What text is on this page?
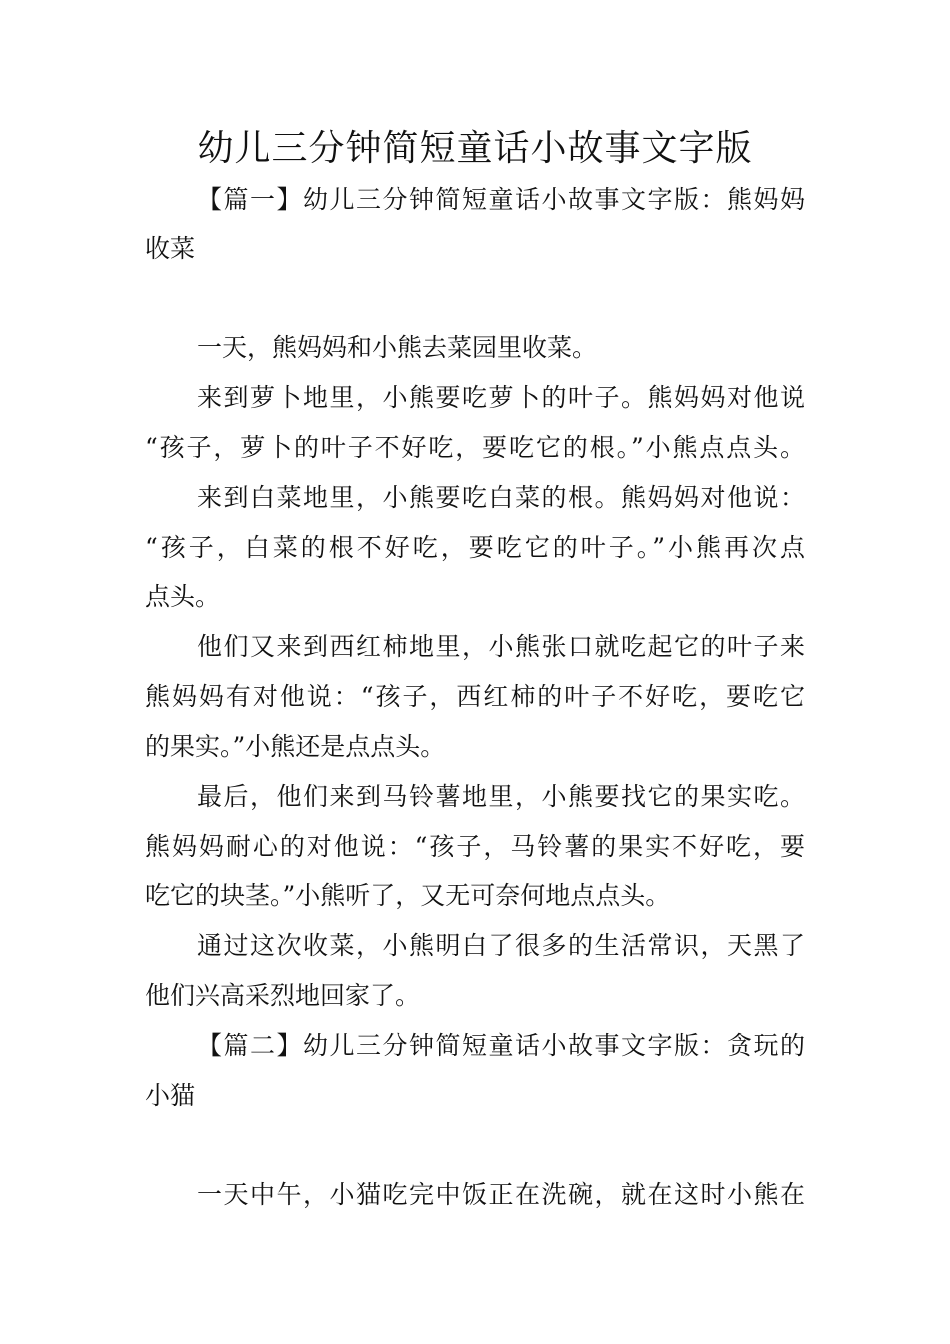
幼儿三分钟简短童话小故事文字版

【篇一】幼儿三分钟简短童话小故事文字版：熊妈妈

收菜

一天，熊妈妈和小熊去菜园里收菜。

来到萝卜地里，小熊要吃萝卜的叶子。熊妈妈对他说

“孩子，萝卜的叶子不好吃，要吃它的根。”小熊点点头。

来到白菜地里，小熊要吃白菜的根。熊妈妈对他说：

“孩子，白菜的根不好吃，要吃它的叶子。”小熊再次点

点头。

他们又来到西红柿地里，小熊张口就吃起它的叶子来

熊妈妈有对他说：“孩子，西红柿的叶子不好吃，要吃它

的果实。”小熊还是点点头。

最后，他们来到马铃薯地里，小熊要找它的果实吃。

熊妈妈耐心的对他说：“孩子，马铃薯的果实不好吃，要

吃它的块茎。”小熊听了，又无可奈何地点点头。

通过这次收菜，小熊明白了很多的生活常识，天黑了

他们兴高采烈地回家了。

【篇二】幼儿三分钟简短童话小故事文字版：贪玩的

小猫

一天中午，小猫吃完中饭正在洗碗，就在这时小熊在
